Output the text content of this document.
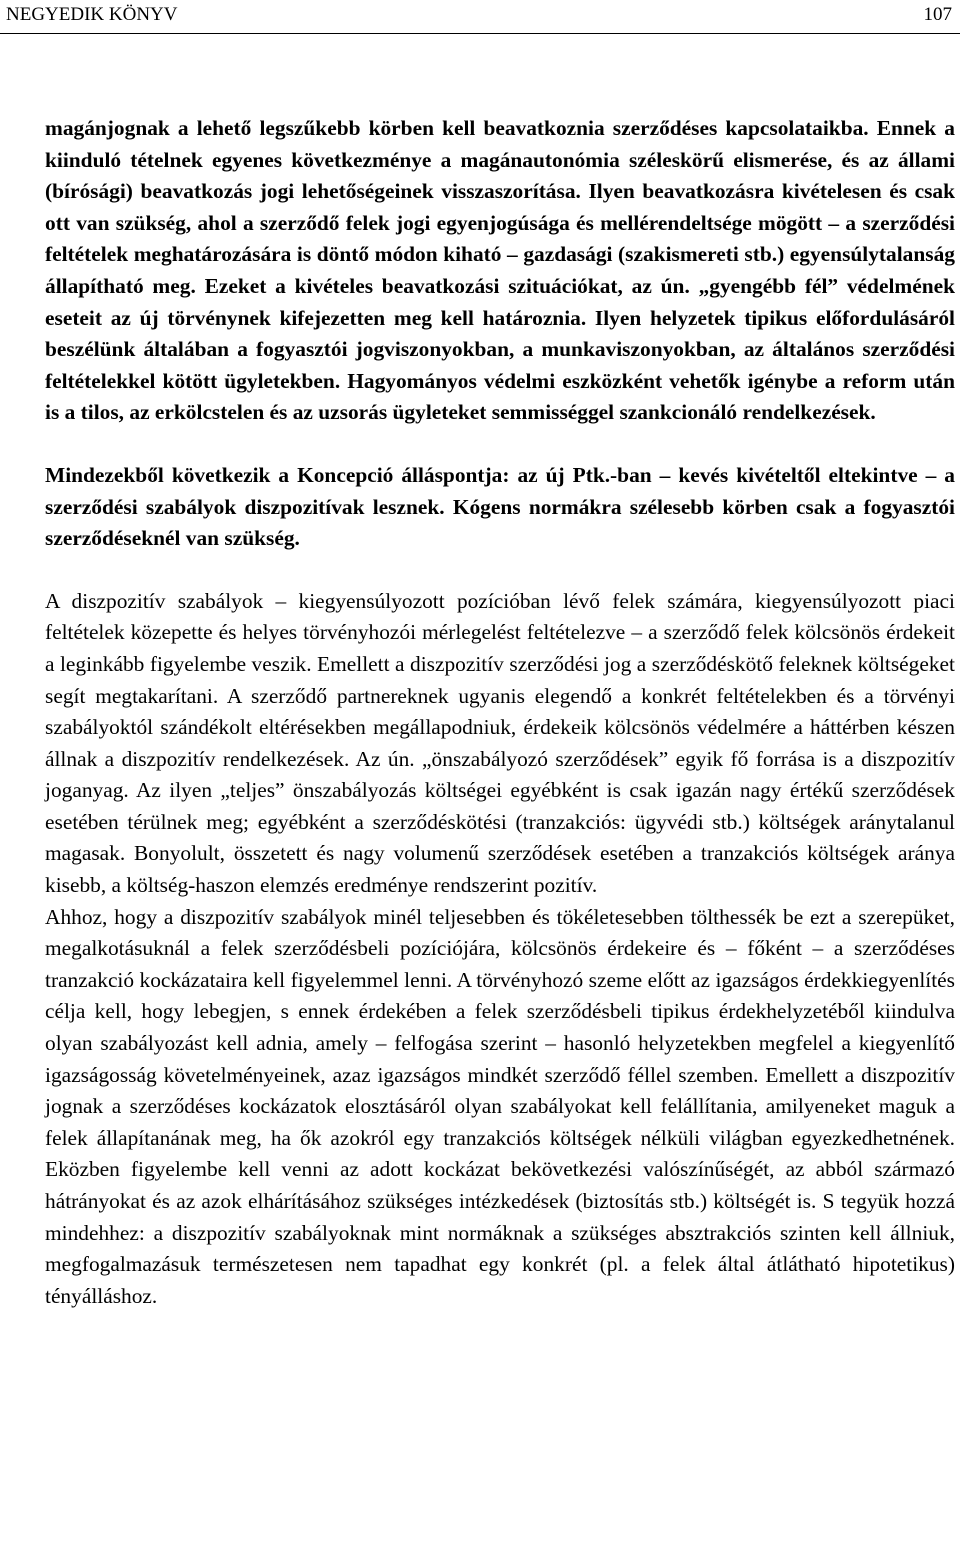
NEGYEDIK KÖNYV	107

magánjognak a lehető legszűkebb körben kell beavatkoznia szerződéses kapcsolataikba. Ennek a kiinduló tételnek egyenes következménye a magánautonómia széleskörű elismerése, és az állami (bírósági) beavatkozás jogi lehetőségeinek visszaszorítása. Ilyen beavatkozásra kivételesen és csak ott van szükség, ahol a szerződő felek jogi egyenjogúsága és mellérendeltsége mögött – a szerződési feltételek meghatározására is döntő módon kiható – gazdasági (szakismereti stb.) egyensúlytalanság állapítható meg. Ezeket a kivételes beavatkozási szituációkat, az ún. „gyengébb fél” védelmének eseteit az új törvénynek kifejezetten meg kell határoznia. Ilyen helyzetek tipikus előfordulásáról beszélünk általában a fogyasztói jogviszonyokban, a munkaviszonyokban, az általános szerződési feltételekkel kötött ügyletekben. Hagyományos védelmi eszközként vehetők igénybe a reform után is a tilos, az erkölcstelen és az uzsorás ügyleteket semmisséggel szankcionáló rendelkezések.

Mindezekből következik a Koncepció álláspontja: az új Ptk.-ban – kevés kivételtől eltekintve – a szerződési szabályok diszpozitívak lesznek. Kógens normákra szélesebb körben csak a fogyasztói szerződéseknél van szükség.

A diszpozitív szabályok – kiegyensúlyozott pozícióban lévő felek számára, kiegyensúlyozott piaci feltételek közepette és helyes törvényhozói mérlegelést feltételezve – a szerződő felek kölcsönös érdekeit a leginkább figyelembe veszik. Emellett a diszpozitív szerződési jog a szerződéskötő feleknek költségeket segít megtakarítani. A szerződő partnereknek ugyanis elegendő a konkrét feltételekben és a törvényi szabályoktól szándékolt eltérésekben megállapodniuk, érdekeik kölcsönös védelmére a háttérben készen állnak a diszpozitív rendelkezések. Az ún. „önszabályozó szerződések” egyik fő forrása is a diszpozitív joganyag. Az ilyen „teljes” önszabályozás költségei egyébként is csak igazán nagy értékű szerződések esetében térülnek meg; egyébként a szerződéskötési (tranzakciós: ügyvédi stb.) költségek aránytalanul magasak. Bonyolult, összetett és nagy volumenű szerződések esetében a tranzakciós költségek aránya kisebb, a költség-haszon elemzés eredménye rendszerint pozitív.

Ahhoz, hogy a diszpozitív szabályok minél teljesebben és tökéletesebben tölthessék be ezt a szerepüket, megalkotásuknál a felek szerződésbeli pozíciójára, kölcsönös érdekeire és – főként – a szerződéses tranzakció kockázataira kell figyelemmel lenni. A törvényhozó szeme előtt az igazságos érdekkiegyenlítés célja kell, hogy lebegjen, s ennek érdekében a felek szerződésbeli tipikus érdekhelyzetéből kiindulva olyan szabályozást kell adnia, amely – felfogása szerint – hasonló helyzetekben megfelel a kiegyenlítő igazságosság követelményeinek, azaz igazságos mindkét szerződő féllel szemben. Emellett a diszpozitív jognak a szerződéses kockázatok elosztásáról olyan szabályokat kell felállítania, amilyeneket maguk a felek állapítanának meg, ha ők azokról egy tranzakciós költségek nélküli világban egyezkedhetnének. Eközben figyelembe kell venni az adott kockázat bekövetkezési valószínűségét, az abból származó hátrányokat és az azok elhárításához szükséges intézkedések (biztosítás stb.) költségét is. S tegyük hozzá mindehhez: a diszpozitív szabályoknak mint normáknak a szükséges absztrakciós szinten kell állniuk, megfogalmazásuk természetesen nem tapadhat egy konkrét (pl. a felek által átlátható hipotetikus) tényálláshoz.
